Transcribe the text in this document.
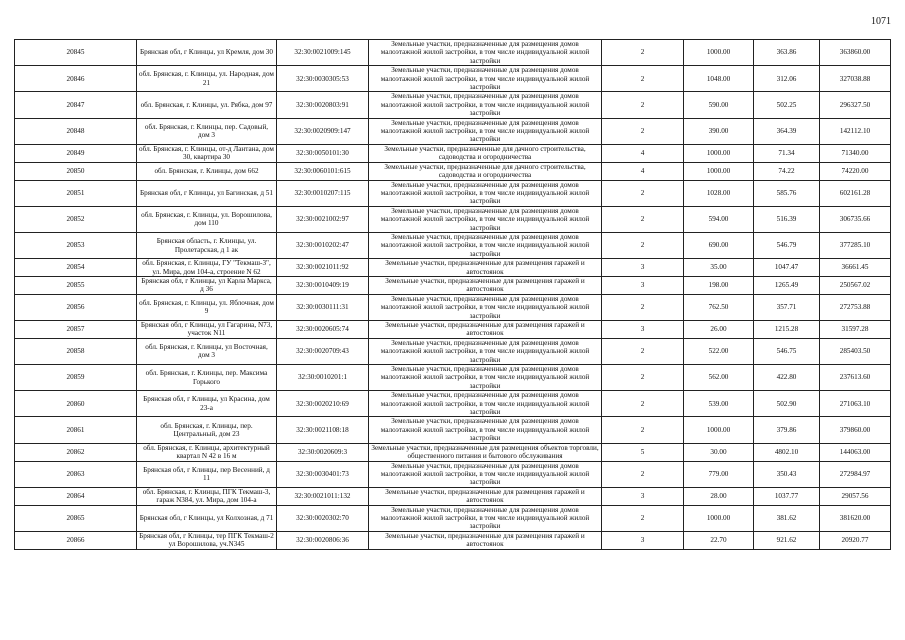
1071
20845	Брянская обл, г Клинцы, ул Кремля, дом 30	32:30:0021009:145	Земельные участки, предназначенные для размещения домов малоэтажной жилой застройки, в том числе индивидуальной жилой застройки	2	1000.00	363.86	363860.00
20846	обл. Брянская, г. Клинцы, ул. Народная, дом 21	32:30:0030305:53	Земельные участки, предназначенные для размещения домов малоэтажной жилой застройки, в том числе индивидуальной жилой застройки	2	1048.00	312.06	327038.88
20847	обл. Брянская, г. Клинцы, ул. Рябка, дом 97	32:30:0020803:91	Земельные участки, предназначенные для размещения домов малоэтажной жилой застройки, в том числе индивидуальной жилой застройки	2	590.00	502.25	296327.50
20848	обл. Брянская, г. Клинцы, пер. Садовый, дом 3	32:30:0020909:147	Земельные участки, предназначенные для размещения домов малоэтажной жилой застройки, в том числе индивидуальной жилой застройки	2	390.00	364.39	142112.10
20849	обл. Брянская, г. Клинцы, от-д Лантана, дом 30, квартира 30	32:30:0050101:30	Земельные участки, предназначенные для дачного строительства, садоводства и огородничества	4	1000.00	71.34	71340.00
20850	обл. Брянская, г. Клинцы, дом 662	32:30:0060101:615	Земельные участки, предназначенные для дачного строительства, садоводства и огородничества	4	1000.00	74.22	74220.00
20851	Брянская обл, г Клинцы, ул Багинская, д 51	32:30:0010207:115	Земельные участки, предназначенные для размещения домов малоэтажной жилой застройки, в том числе индивидуальной жилой застройки	2	1028.00	585.76	602161.28
20852	обл. Брянская, г. Клинцы, ул. Ворошилова, дом 110	32:30:0021002:97	Земельные участки, предназначенные для размещения домов малоэтажной жилой застройки, в том числе индивидуальной жилой застройки	2	594.00	516.39	306735.66
20853	Брянская область, г. Клинцы, ул. Пролетарская, д 1 ак	32:30:0010202:47	Земельные участки, предназначенные для размещения домов малоэтажной жилой застройки, в том числе индивидуальной жилой застройки	2	690.00	546.79	377285.10
20854	обл. Брянская, г. Клинцы, ГУ "Текмаш-3", ул. Мира, дом 104-а, строение N 62	32:30:0021011:92	Земельные участки, предназначенные для размещения гаражей и автостоянок	3	35.00	1047.47	36661.45
20855	Брянская обл, г Клинцы, ул Карла Маркса, д 36	32:30:0010409:19	Земельные участки, предназначенные для размещения гаражей и автостоянок	3	198.00	1265.49	250567.02
20856	обл. Брянская, г. Клинцы, ул. Яблочная, дом 9	32:30:0030111:31	Земельные участки, предназначенные для размещения домов малоэтажной жилой застройки, в том числе индивидуальной жилой застройки	2	762.50	357.71	272753.88
20857	Брянская обл, г Клинцы, ул Гагарина, N73, участок N11	32:30:0020605:74	Земельные участки, предназначенные для размещения гаражей и автостоянок	3	26.00	1215.28	31597.28
20858	обл. Брянская, г. Клинцы, ул Восточная, дом 3	32:30:0020709:43	Земельные участки, предназначенные для размещения домов малоэтажной жилой застройки, в том числе индивидуальной жилой застройки	2	522.00	546.75	285403.50
20859	обл. Брянская, г. Клинцы, пер. Максима Горького	32:30:0010201:1	Земельные участки, предназначенные для размещения домов малоэтажной жилой застройки, в том числе индивидуальной жилой застройки	2	562.00	422.80	237613.60
20860	Брянская обл, г Клинцы, ул Красина, дом 23-а	32:30:0020210:69	Земельные участки, предназначенные для размещения домов малоэтажной жилой застройки, в том числе индивидуальной жилой застройки	2	539.00	502.90	271063.10
20861	обл. Брянская, г. Клинцы, пер. Центральный, дом 23	32:30:0021108:18	Земельные участки, предназначенные для размещения домов малоэтажной жилой застройки, в том числе индивидуальной жилой застройки	2	1000.00	379.86	379860.00
20862	обл. Брянская, г. Клинцы, архитектурный квартал N 42 в 16 м	32:30:0020609:3	Земельные участки, предназначенные для размещения объектов торговли, общественного питания и бытового обслуживания	5	30.00	4802.10	144063.00
20863	Брянская обл, г Клинцы, пер Весенний, д 11	32:30:0030401:73	Земельные участки, предназначенные для размещения домов малоэтажной жилой застройки, в том числе индивидуальной жилой застройки	2	779.00	350.43	272984.97
20864	обл. Брянская, г. Клинцы, ПГК Текмаш-3, гараж N384, ул. Мира, дом 104-а	32:30:0021011:132	Земельные участки, предназначенные для размещения гаражей и автостоянок	3	28.00	1037.77	29057.56
20865	Брянская обл, г Клинцы, ул Колхозная, д 71	32:30:0020302:70	Земельные участки, предназначенные для размещения домов малоэтажной жилой застройки, в том числе индивидуальной жилой застройки	2	1000.00	381.62	381620.00
20866	Брянская обл, г Клинцы, тер ПГК Текмаш-2 ул Ворошилова, уч.N345	32:30:0020806:36	Земельные участки, предназначенные для размещения гаражей и автостоянок	3	22.70	921.62	20920.77
